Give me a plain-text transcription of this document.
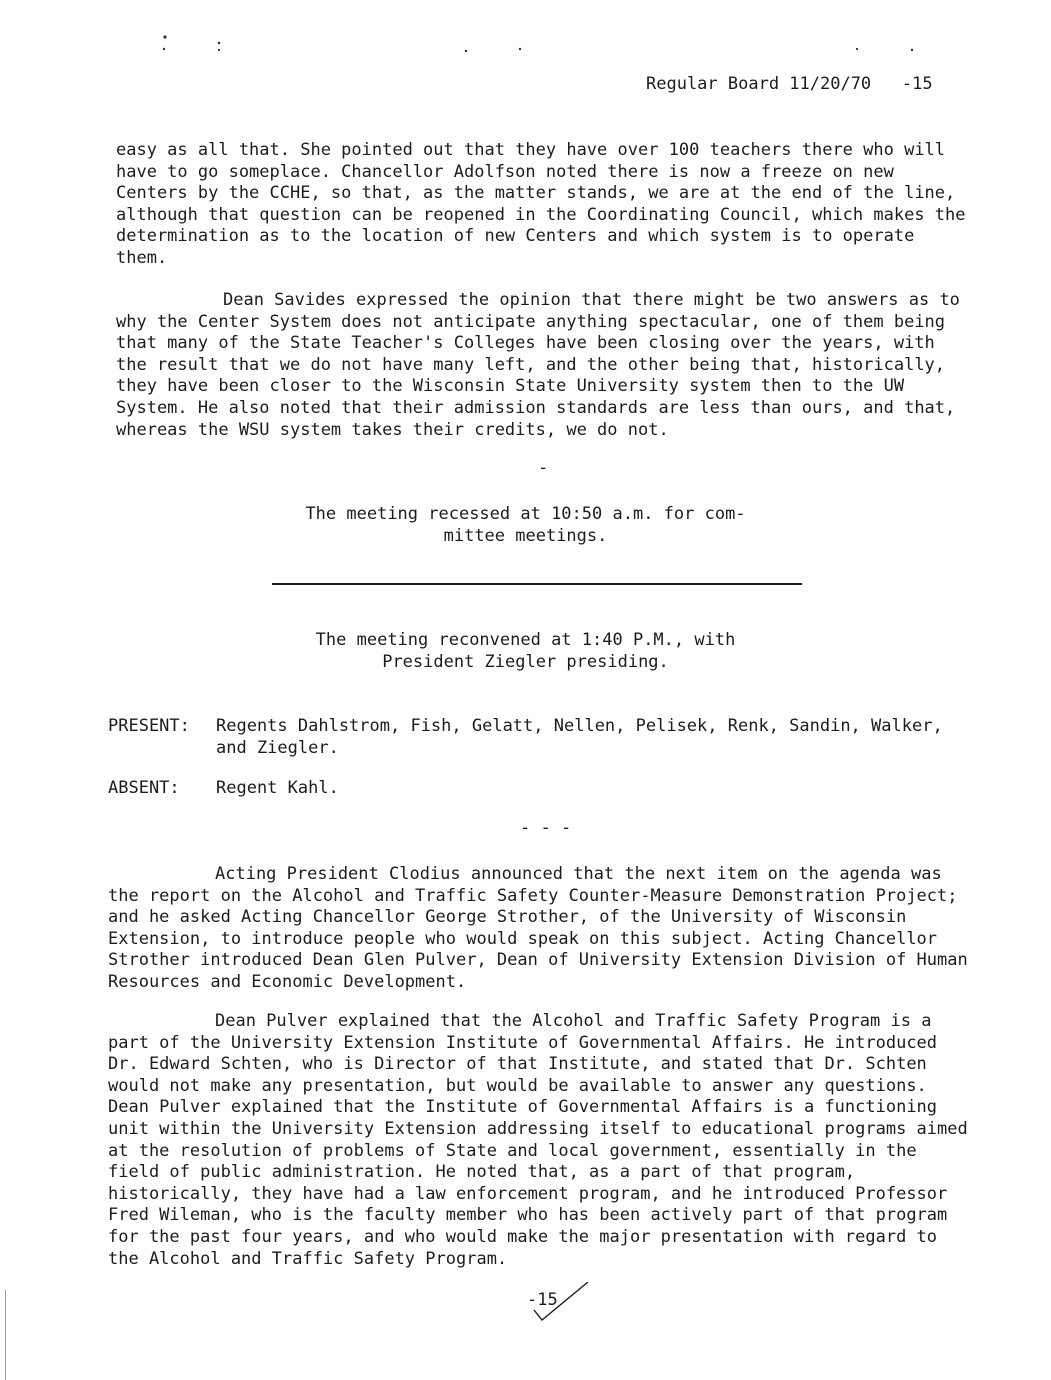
Regular Board 11/20/70 -15

easy as all that. She pointed out that they have over 100 teachers there who will have to go someplace. Chancellor Adolfson noted there is now a freeze on new Centers by the CCHE, so that, as the matter stands, we are at the end of the line, although that question can be reopened in the Coordinating Council, which makes the determination as to the location of new Centers and which system is to operate them.

Dean Savides expressed the opinion that there might be two answers as to why the Center System does not anticipate anything spectacular, one of them being that many of the State Teacher's Colleges have been closing over the years, with the result that we do not have many left, and the other being that, historically, they have been closer to the Wisconsin State University system then to the UW System. He also noted that their admission standards are less than ours, and that, whereas the WSU system takes their credits, we do not.

-

The meeting recessed at 10:50 a.m. for com-

mittee meetings.

The meeting reconvened at 1:40 P.M., with

President Ziegler presiding.

PRESENT: Regents Dahlstrom, Fish, Gelatt, Nellen, Pelisek, Renk, Sandin, Walker, and Ziegler.
ABSENT: Regent Kahl.
- - -

Acting President Clodius announced that the next item on the agenda was the report on the Alcohol and Traffic Safety Counter-Measure Demonstration Project; and he asked Acting Chancellor George Strother, of the University of Wisconsin Extension, to introduce people who would speak on this subject. Acting Chancellor Strother introduced Dean Glen Pulver, Dean of University Extension Division of Human Resources and Economic Development.

Dean Pulver explained that the Alcohol and Traffic Safety Program is a part of the University Extension Institute of Governmental Affairs. He introduced Dr. Edward Schten, who is Director of that Institute, and stated that Dr. Schten would not make any presentation, but would be available to answer any questions. Dean Pulver explained that the Institute of Governmental Affairs is a functioning unit within the University Extension addressing itself to educational programs aimed at the resolution of problems of State and local government, essentially in the field of public administration. He noted that, as a part of that program, historically, they have had a law enforcement program, and he introduced Professor Fred Wileman, who is the faculty member who has been actively part of that program for the past four years, and who would make the major presentation with regard to the Alcohol and Traffic Safety Program.

-15
